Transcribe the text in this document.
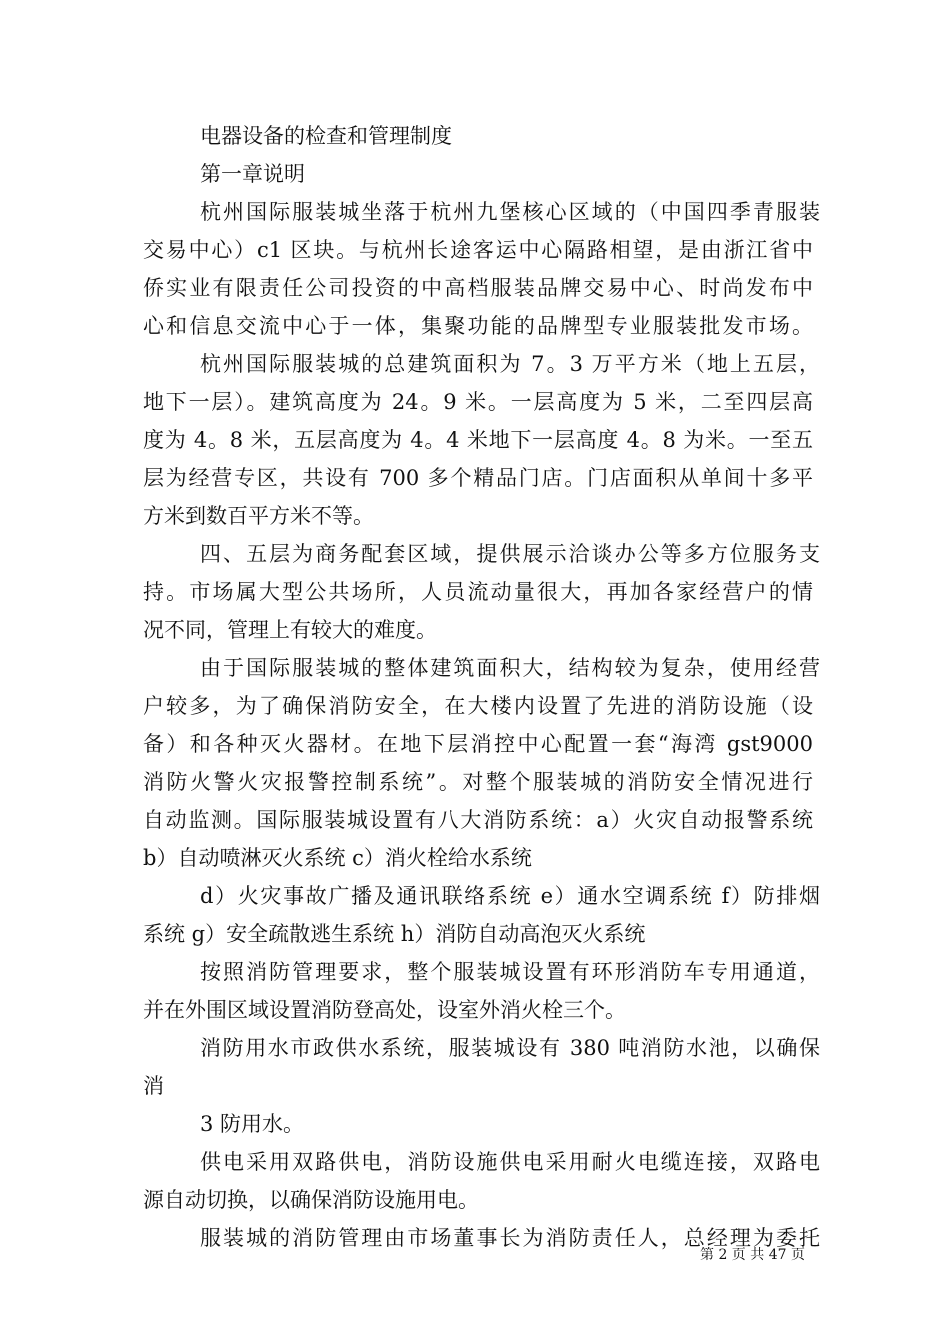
电器设备的检查和管理制度
第一章说明
杭州国际服装城坐落于杭州九堡核心区域的（中国四季青服装
交易中心）c1 区块。与杭州长途客运中心隔路相望，是由浙江省中
侨实业有限责任公司投资的中高档服装品牌交易中心、时尚发布中
心和信息交流中心于一体，集聚功能的品牌型专业服装批发市场。
杭州国际服装城的总建筑面积为 7。3 万平方米（地上五层，
地下一层）。建筑高度为 24。9 米。一层高度为 5 米，二至四层高
度为 4。8 米，五层高度为 4。4 米地下一层高度 4。8 为米。一至五
层为经营专区，共设有 700 多个精品门店。门店面积从单间十多平
方米到数百平方米不等。
四、五层为商务配套区域，提供展示洽谈办公等多方位服务支
持。市场属大型公共场所，人员流动量很大，再加各家经营户的情
况不同，管理上有较大的难度。
由于国际服装城的整体建筑面积大，结构较为复杂，使用经营
户较多，为了确保消防安全，在大楼内设置了先进的消防设施（设
备）和各种灭火器材。在地下层消控中心配置一套“海湾 gst9000
消防火警火灾报警控制系统”。对整个服装城的消防安全情况进行
自动监测。国际服装城设置有八大消防系统：a）火灾自动报警系统
b）自动喷淋灭火系统 c）消火栓给水系统
d）火灾事故广播及通讯联络系统 e）通水空调系统 f）防排烟
系统 g）安全疏散逃生系统 h）消防自动高泡灭火系统
按照消防管理要求，整个服装城设置有环形消防车专用通道，
并在外围区域设置消防登高处，设室外消火栓三个。
消防用水市政供水系统，服装城设有 380 吨消防水池，以确保
消
3 防用水。
供电采用双路供电，消防设施供电采用耐火电缆连接，双路电
源自动切换，以确保消防设施用电。
服装城的消防管理由市场董事长为消防责任人，总经理为委托
第 2 页 共 47 页
